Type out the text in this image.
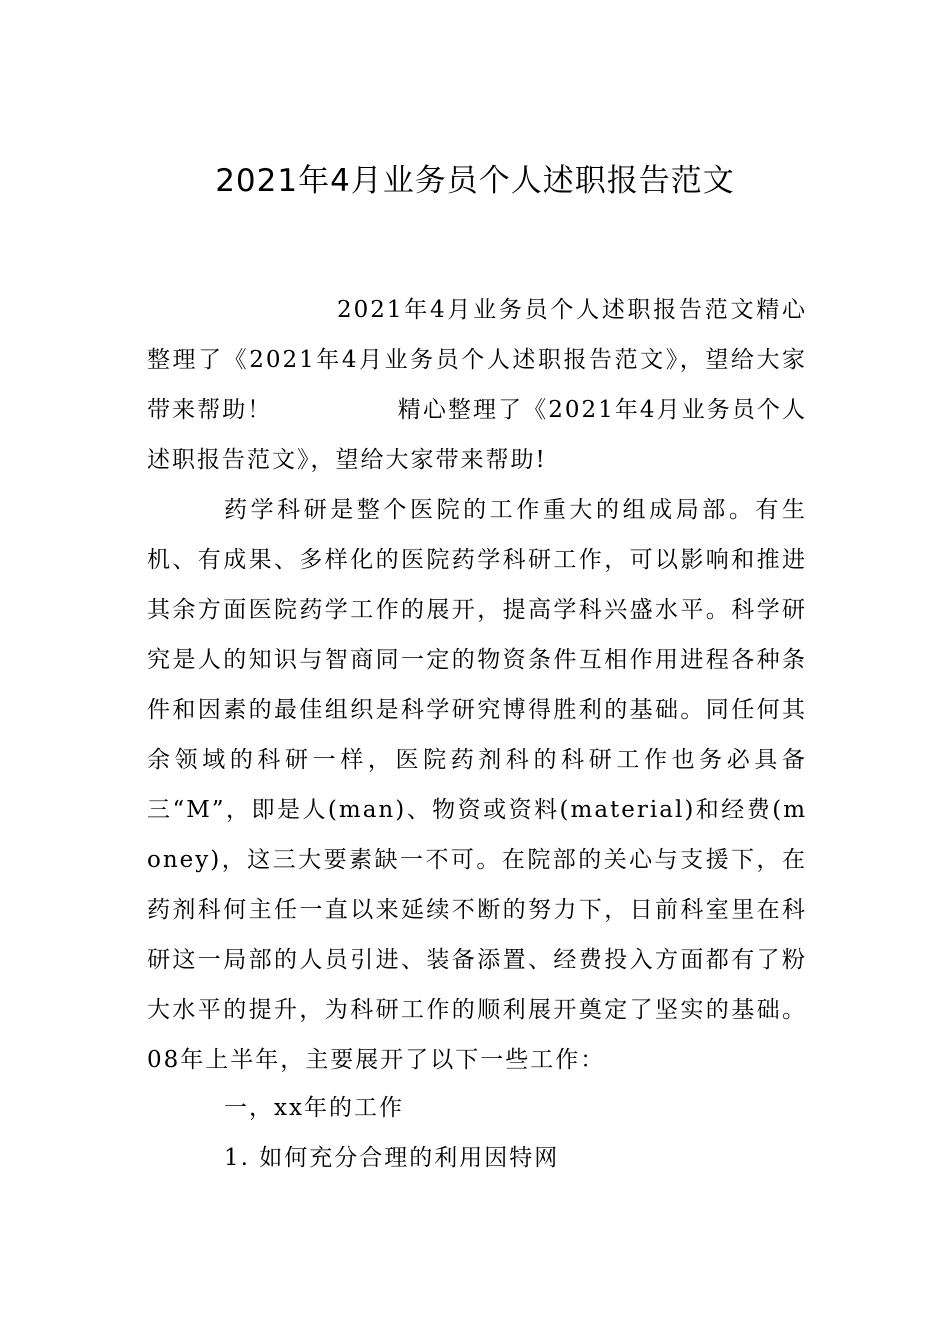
2021年4月业务员个人述职报告范文

2021年4月业务员个人述职报告范文精心整理了《2021年4月业务员个人述职报告范文》，望给大家带来帮助！　　　　　精心整理了《2021年4月业务员个人述职报告范文》，望给大家带来帮助!

药学科研是整个医院的工作重大的组成局部。有生机、有成果、多样化的医院药学科研工作，可以影响和推进其余方面医院药学工作的展开，提高学科兴盛水平。科学研究是人的知识与智商同一定的物资条件互相作用进程各种条件和因素的最佳组织是科学研究博得胜利的基础。同任何其余领域的科研一样，医院药剂科的科研工作也务必具备三“M”，即是人(man)、物资或资料(material)和经费(money)，这三大要素缺一不可。在院部的关心与支援下，在药剂科何主任一直以来延续不断的努力下，日前科室里在科研这一局部的人员引进、装备添置、经费投入方面都有了粉大水平的提升，为科研工作的顺利展开奠定了坚实的基础。08年上半年，主要展开了以下一些工作：

一，xx年的工作

1. 如何充分合理的利用因特网
